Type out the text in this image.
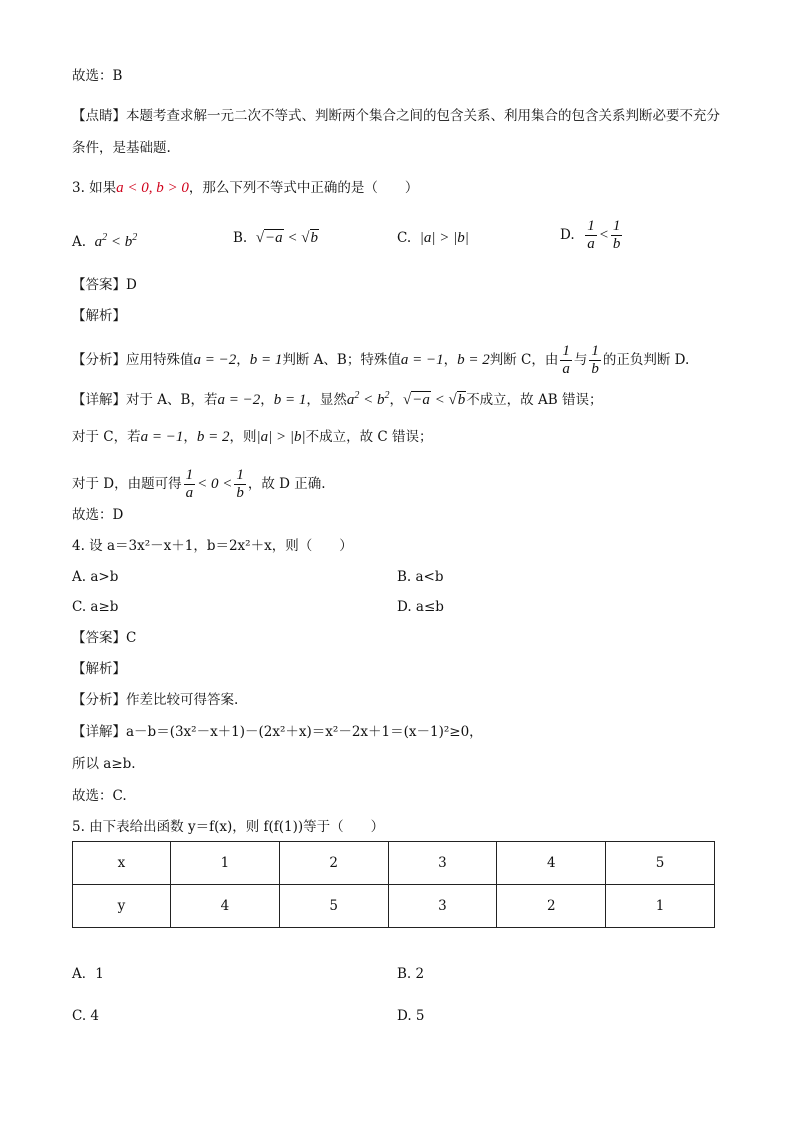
故选：B
【点睛】本题考查求解一元二次不等式、判断两个集合之间的包含关系、利用集合的包含关系判断必要不充分条件，是基础题.
3. 如果a < 0, b > 0，那么下列不等式中正确的是（　　）
A. $a^2 < b^2$	B. √−a < √b	C. |a| > |b|	D. $\frac{1}{a} < \frac{1}{b}$
【答案】D
【解析】
【分析】应用特殊值a = −2，b = 1判断 A、B；特殊值a = −1，b = 2判断 C，由 $\frac{1}{a}$ 与 $\frac{1}{b}$ 的正负判断 D.
【详解】对于 A、B，若a = −2，b = 1，显然$a^2 < b^2$，√−a < √b不成立，故 AB 错误；
对于 C，若a = −1，b = 2，则|a| > |b|不成立，故 C 错误；
对于 D，由题可得 $\frac{1}{a} < 0 < \frac{1}{b}$ ，故 D 正确.
故选：D
4. 设 a＝3x²－x＋1，b＝2x²＋x，则（　　）
A. a>b	B. a<b
C. a≥b	D. a≤b
【答案】C
【解析】
【分析】作差比较可得答案.
【详解】a－b＝(3x²－x＋1)－(2x²＋x)＝x²－2x＋1＝(x－1)²≥0，
所以 a≥b.
故选：C.
5. 由下表给出函数 y＝f(x)，则 f(f(1))等于（　　）
x	1	2	3	4	5
y	4	5	3	2	1
A．1	B. 2
C. 4	D. 5
